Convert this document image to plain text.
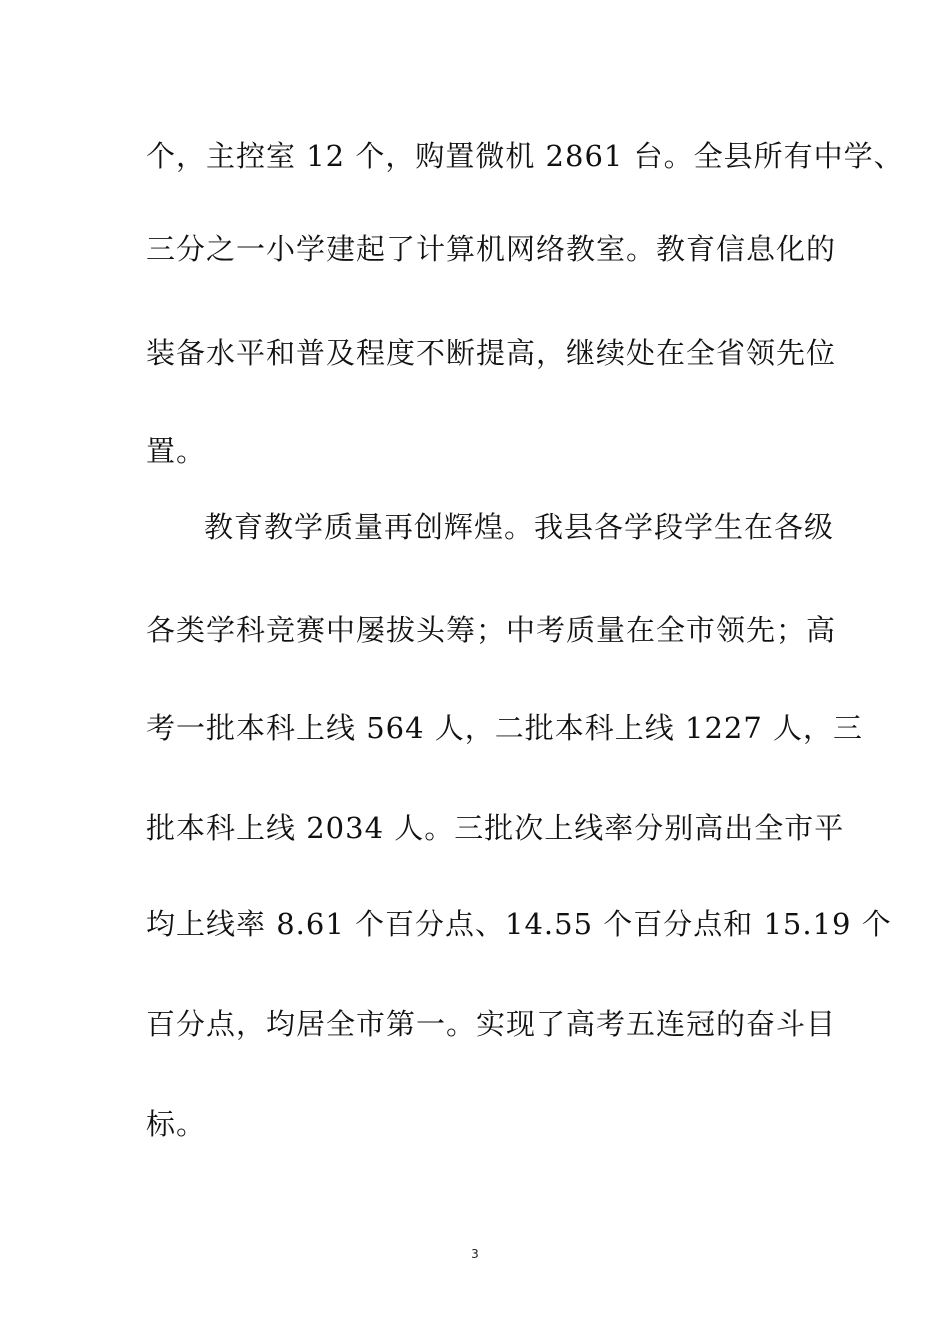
个，主控室 12 个，购置微机 2861 台。全县所有中学、
三分之一小学建起了计算机网络教室。教育信息化的
装备水平和普及程度不断提高，继续处在全省领先位
置。
教育教学质量再创辉煌。我县各学段学生在各级
各类学科竞赛中屡拔头筹；中考质量在全市领先；高
考一批本科上线 564 人，二批本科上线 1227 人，三
批本科上线 2034 人。三批次上线率分别高出全市平
均上线率 8.61 个百分点、14.55 个百分点和 15.19 个
百分点，均居全市第一。实现了高考五连冠的奋斗目
标。
3
